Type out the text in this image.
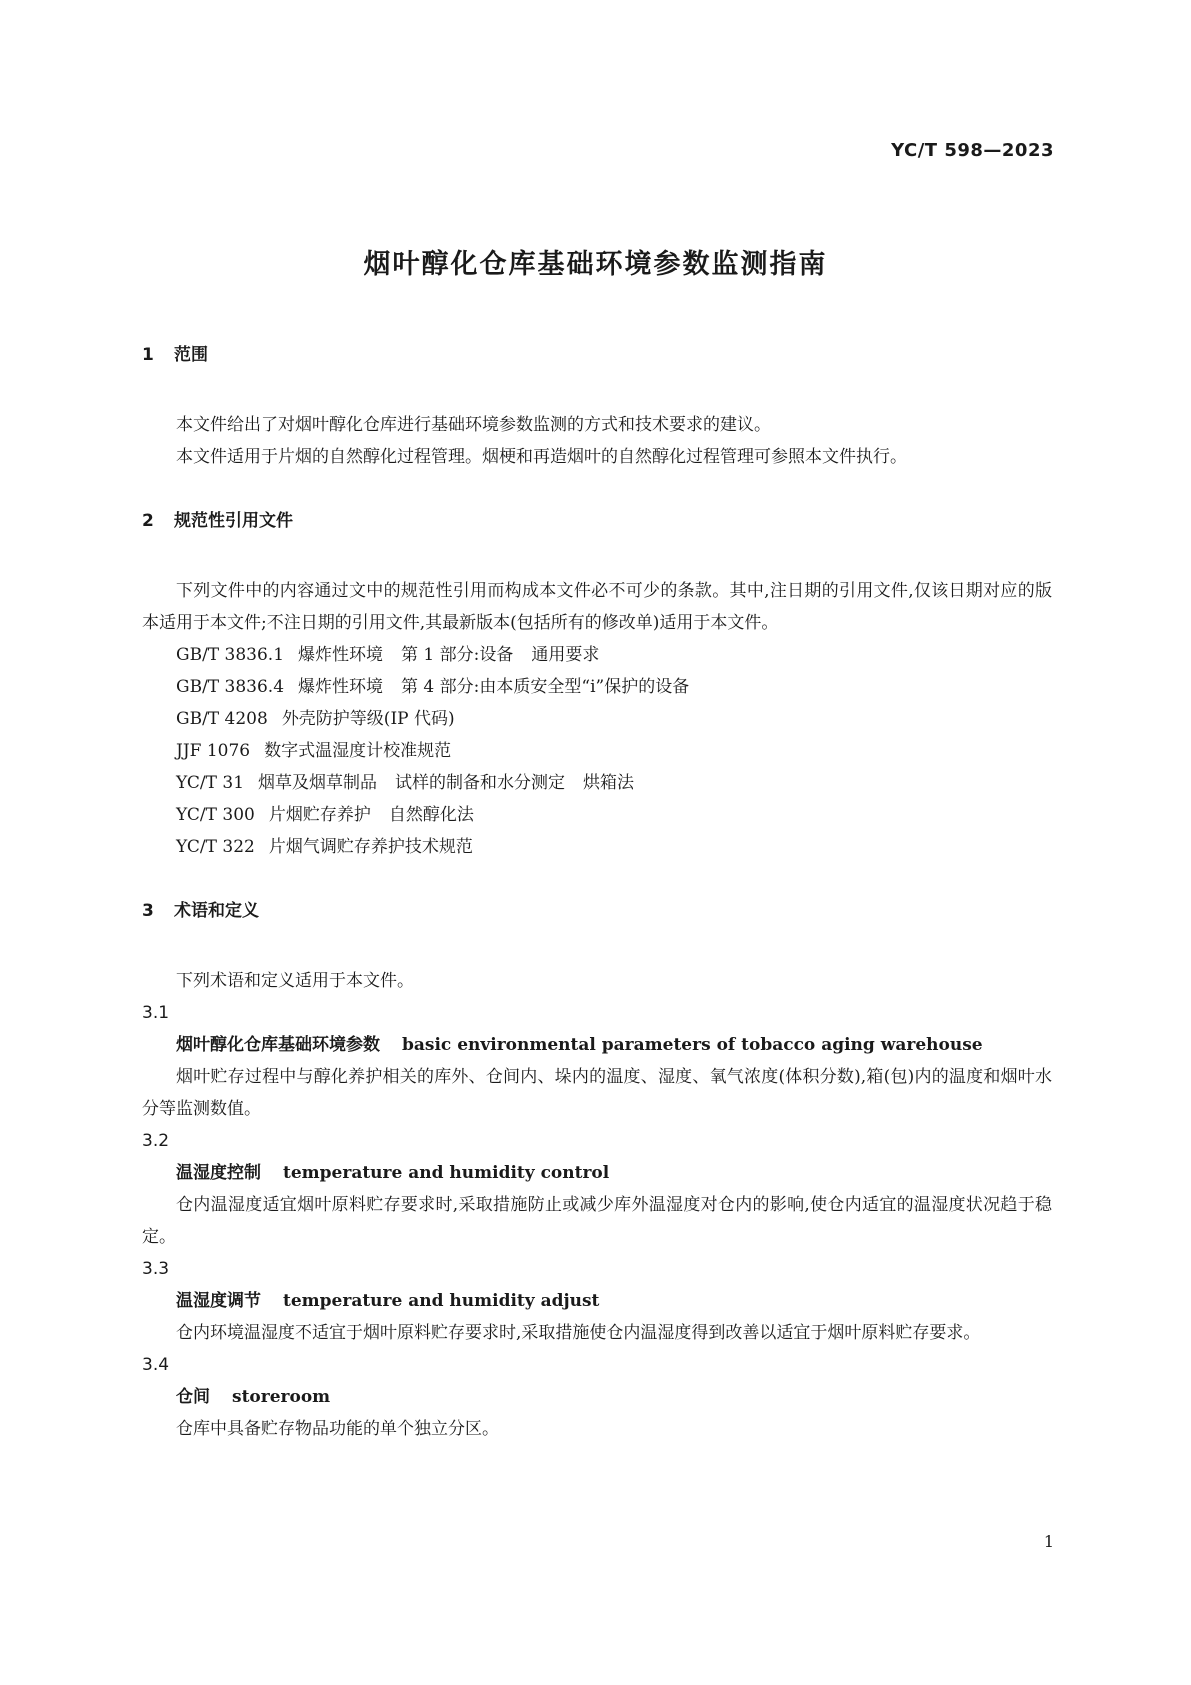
YC/T 598—2023
烟叶醇化仓库基础环境参数监测指南
1 范围

本文件给出了对烟叶醇化仓库进行基础环境参数监测的方式和技术要求的建议。

本文件适用于片烟的自然醇化过程管理。烟梗和再造烟叶的自然醇化过程管理可参照本文件执行。

2 规范性引用文件

下列文件中的内容通过文中的规范性引用而构成本文件必不可少的条款。其中,注日期的引用文件,仅该日期对应的版本适用于本文件;不注日期的引用文件,其最新版本(包括所有的修改单)适用于本文件。

GB/T 3836.1 爆炸性环境 第 1 部分:设备 通用要求

GB/T 3836.4 爆炸性环境 第 4 部分:由本质安全型“i”保护的设备

GB/T 4208 外壳防护等级(IP 代码)

JJF 1076 数字式温湿度计校准规范

YC/T 31 烟草及烟草制品 试样的制备和水分测定 烘箱法

YC/T 300 片烟贮存养护 自然醇化法

YC/T 322 片烟气调贮存养护技术规范

3 术语和定义

下列术语和定义适用于本文件。

3.1

烟叶醇化仓库基础环境参数 basic environmental parameters of tobacco aging warehouse

烟叶贮存过程中与醇化养护相关的库外、仓间内、垛内的温度、湿度、氧气浓度(体积分数),箱(包)内的温度和烟叶水分等监测数值。

3.2

温湿度控制 temperature and humidity control

仓内温湿度适宜烟叶原料贮存要求时,采取措施防止或减少库外温湿度对仓内的影响,使仓内适宜的温湿度状况趋于稳定。

3.3

温湿度调节 temperature and humidity adjust

仓内环境温湿度不适宜于烟叶原料贮存要求时,采取措施使仓内温湿度得到改善以适宜于烟叶原料贮存要求。

3.4

仓间 storeroom

仓库中具备贮存物品功能的单个独立分区。

1
